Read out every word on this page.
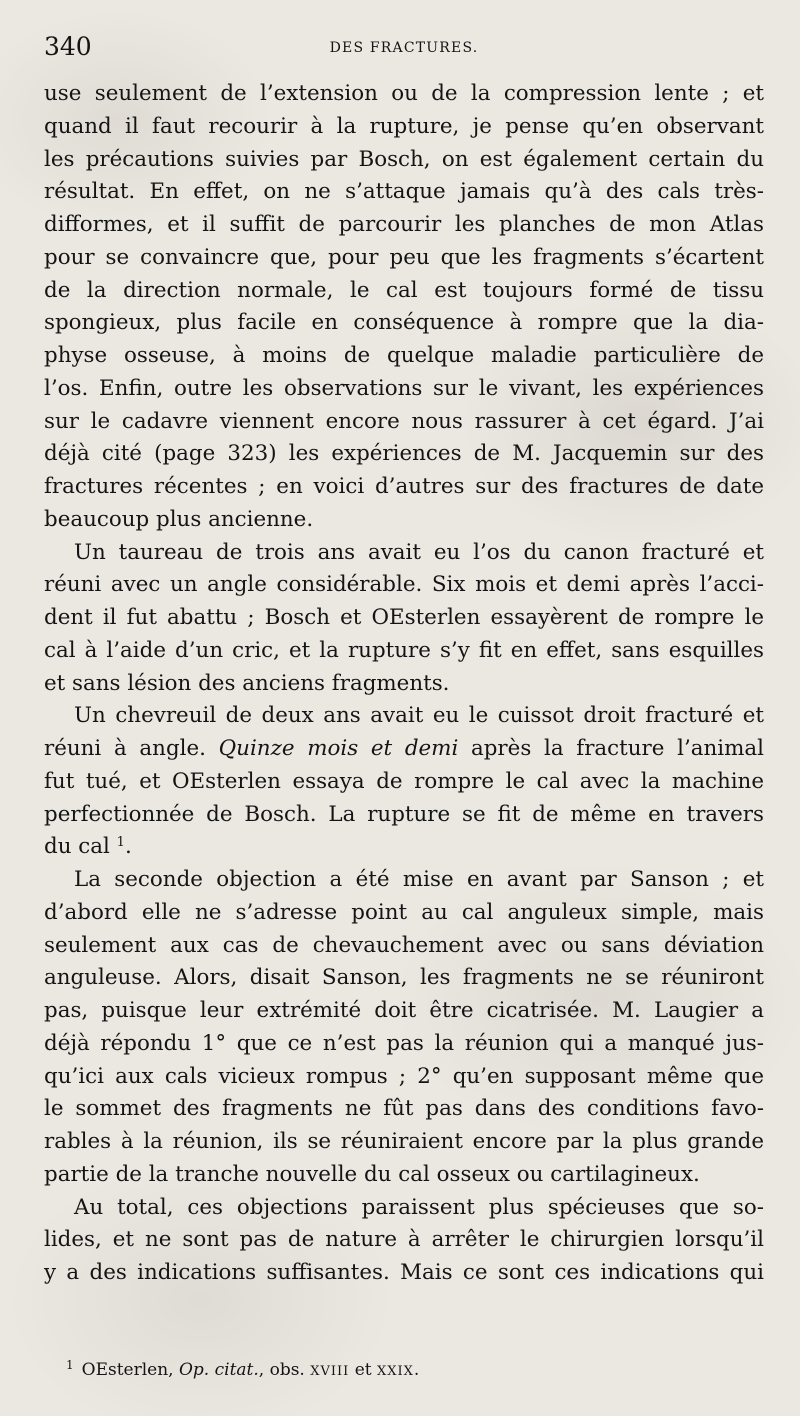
340	DES FRACTURES.
use seulement de l’extension ou de la compression lente ; et
quand il faut recourir à la rupture, je pense qu’en observant
les précautions suivies par Bosch, on est également certain du
résultat. En effet, on ne s’attaque jamais qu’à des cals très-
difformes, et il suffit de parcourir les planches de mon Atlas
pour se convaincre que, pour peu que les fragments s’écartent
de la direction normale, le cal est toujours formé de tissu
spongieux, plus facile en conséquence à rompre que la dia-
physe osseuse, à moins de quelque maladie particulière de
l’os. Enfin, outre les observations sur le vivant, les expériences
sur le cadavre viennent encore nous rassurer à cet égard. J’ai
déjà cité (page 323) les expériences de M. Jacquemin sur des
fractures récentes ; en voici d’autres sur des fractures de date
beaucoup plus ancienne.
Un taureau de trois ans avait eu l’os du canon fracturé et
réuni avec un angle considérable. Six mois et demi après l’acci-
dent il fut abattu ; Bosch et OEsterlen essayèrent de rompre le
cal à l’aide d’un cric, et la rupture s’y fit en effet, sans esquilles
et sans lésion des anciens fragments.
Un chevreuil de deux ans avait eu le cuissot droit fracturé et
réuni à angle. Quinze mois et demi après la fracture l’animal
fut tué, et OEsterlen essaya de rompre le cal avec la machine
perfectionnée de Bosch. La rupture se fit de même en travers
du cal $^1$.
La seconde objection a été mise en avant par Sanson ; et
d’abord elle ne s’adresse point au cal anguleux simple, mais
seulement aux cas de chevauchement avec ou sans déviation
anguleuse. Alors, disait Sanson, les fragments ne se réuniront
pas, puisque leur extrémité doit être cicatrisée. M. Laugier a
déjà répondu 1° que ce n’est pas la réunion qui a manqué jus-
qu’ici aux cals vicieux rompus ; 2° qu’en supposant même que
le sommet des fragments ne fût pas dans des conditions favo-
rables à la réunion, ils se réuniraient encore par la plus grande
partie de la tranche nouvelle du cal osseux ou cartilagineux.
Au total, ces objections paraissent plus spécieuses que so-
lides, et ne sont pas de nature à arrêter le chirurgien lorsqu’il
y a des indications suffisantes. Mais ce sont ces indications qui
$^1$ OEsterlen, Op. citat., obs. XVIII et XXIX.
